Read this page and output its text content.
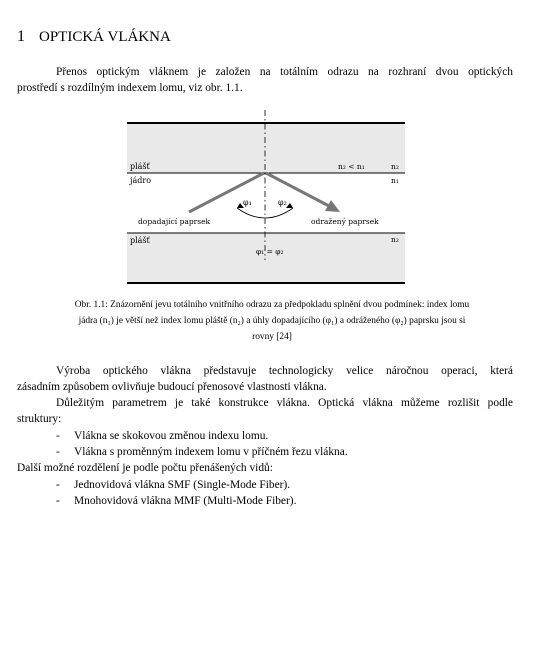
1 OPTICKÁ VLÁKNA
Přenos optickým vláknem je založen na totálním odrazu na rozhraní dvou optických
prostředí s rozdílným indexem lomu, viz obr. 1.1.
plášť
jádro
plášť
n₂ < n₁	n₂
n₁
n₂
φ₁	φ₂
dopadající paprsek	odražený paprsek
φ₁ = φ₂
Obr. 1.1: Znázornění jevu totálního vnitřního odrazu za předpokladu splnění dvou podmínek: index lomu
jádra (n₁) je větší než index lomu pláště (n₂) a úhly dopadajícího (φ₁) a odráženého (φ₂) paprsku jsou si
rovny [24]
Výroba optického vlákna představuje technologicky velice náročnou operaci, která
zásadním způsobem ovlivňuje budoucí přenosové vlastnosti vlákna.
Důležitým parametrem je také konstrukce vlákna. Optická vlákna můžeme rozlišit podle
struktury:
- Vlákna se skokovou změnou indexu lomu.
- Vlákna s proměnným indexem lomu v příčném řezu vlákna.
Další možné rozdělení je podle počtu přenášených vidů:
- Jednovidová vlákna SMF (Single-Mode Fiber).
- Mnohovidová vlákna MMF (Multi-Mode Fiber).
